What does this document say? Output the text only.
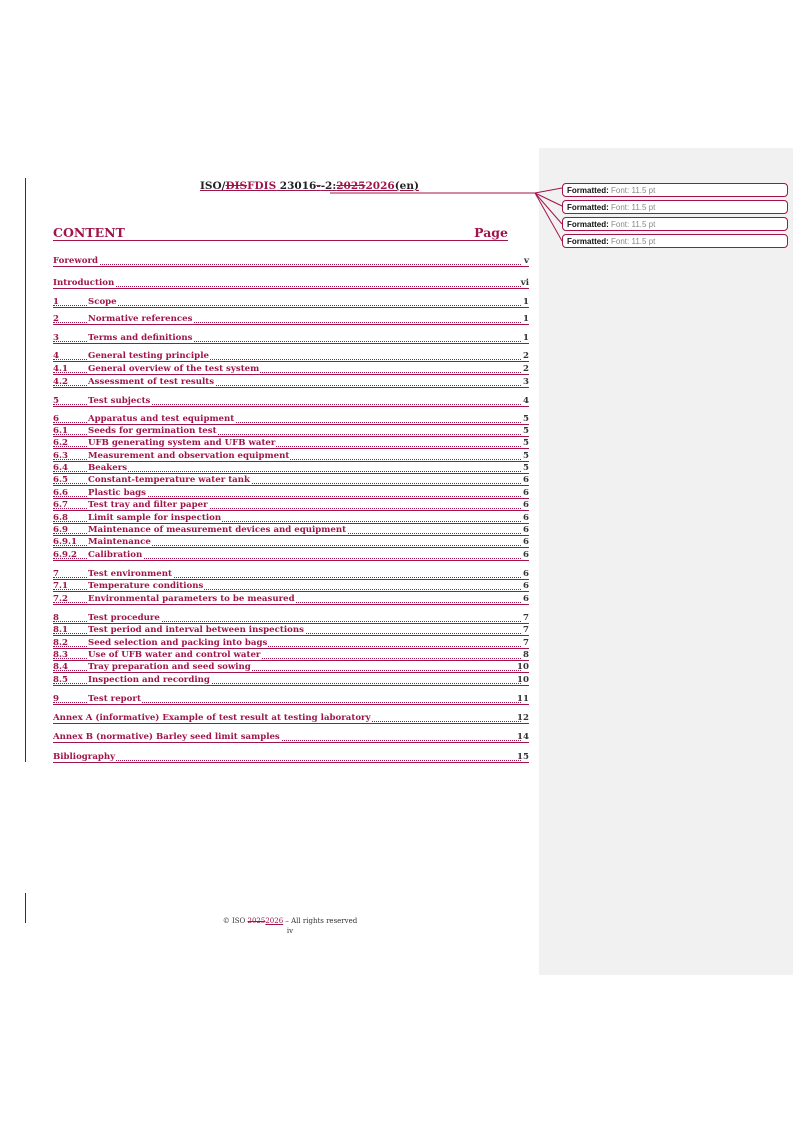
ISO/DISFDIS 23016--2:20252026(en)
CONTENT	Page
Foreword	v
Introduction	vi
1	Scope	1
2	Normative references	1
3	Terms and definitions	1
4	General testing principle	2
4.1 General overview of the test system	2
4.2 Assessment of test results	3
5	Test subjects	4
6	Apparatus and test equipment	5
6.1 Seeds for germination test	5
6.2 UFB generating system and UFB water	5
6.3 Measurement and observation equipment	5
6.4 Beakers	5
6.5 Constant-temperature water tank	6
6.6 Plastic bags	6
6.7 Test tray and filter paper	6
6.8 Limit sample for inspection	6
6.9 Maintenance of measurement devices and equipment	6
6.9.1 Maintenance	6
6.9.2 Calibration	6
7	Test environment	6
7.1 Temperature conditions	6
7.2 Environmental parameters to be measured	6
8	Test procedure	7
8.1 Test period and interval between inspections	7
8.2 Seed selection and packing into bags	7
8.3 Use of UFB water and control water	8
8.4 Tray preparation and seed sowing	10
8.5 Inspection and recording	10
9	Test report	11
Annex A (informative) Example of test result at testing laboratory	12
Annex B (normative) Barley seed limit samples	14
Bibliography	15
Formatted: Font: 11.5 pt
Formatted: Font: 11.5 pt
Formatted: Font: 11.5 pt
Formatted: Font: 11.5 pt
© ISO 20252026 – All rights reserved
iv
